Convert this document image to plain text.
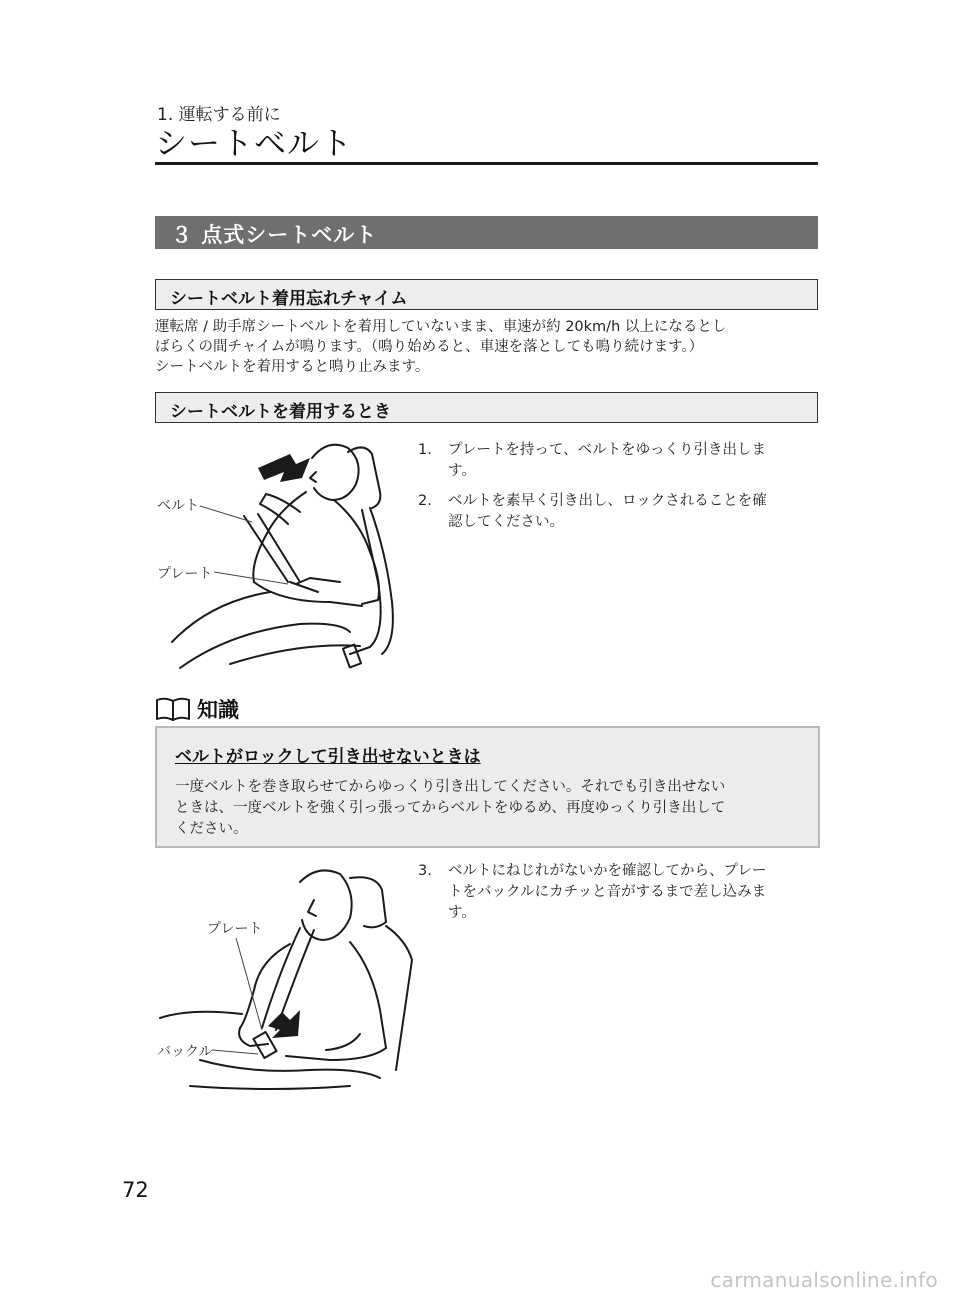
1. 運転する前に
シートベルト
３ 点式シートベルト
シートベルト着用忘れチャイム
運転席 / 助手席シートベルトを着用していないまま、車速が約 20km/h 以上になるとし
ばらくの間チャイムが鳴ります。（鳴り始めると、車速を落としても鳴り続けます。）
シートベルトを着用すると鳴り止みます。
シートベルトを着用するとき
ベルト
プレート
1. プレートを持って、ベルトをゆっくり引き出しま
す。
2. ベルトを素早く引き出し、ロックされることを確
認してください。
知識
ベルトがロックして引き出せないときは
一度ベルトを巻き取らせてからゆっくり引き出してください。それでも引き出せない
ときは、一度ベルトを強く引っ張ってからベルトをゆるめ、再度ゆっくり引き出して
ください。
プレート
バックル
3. ベルトにねじれがないかを確認してから、プレー
トをバックルにカチッと音がするまで差し込みま
す。
72
carmanualsonline.info
